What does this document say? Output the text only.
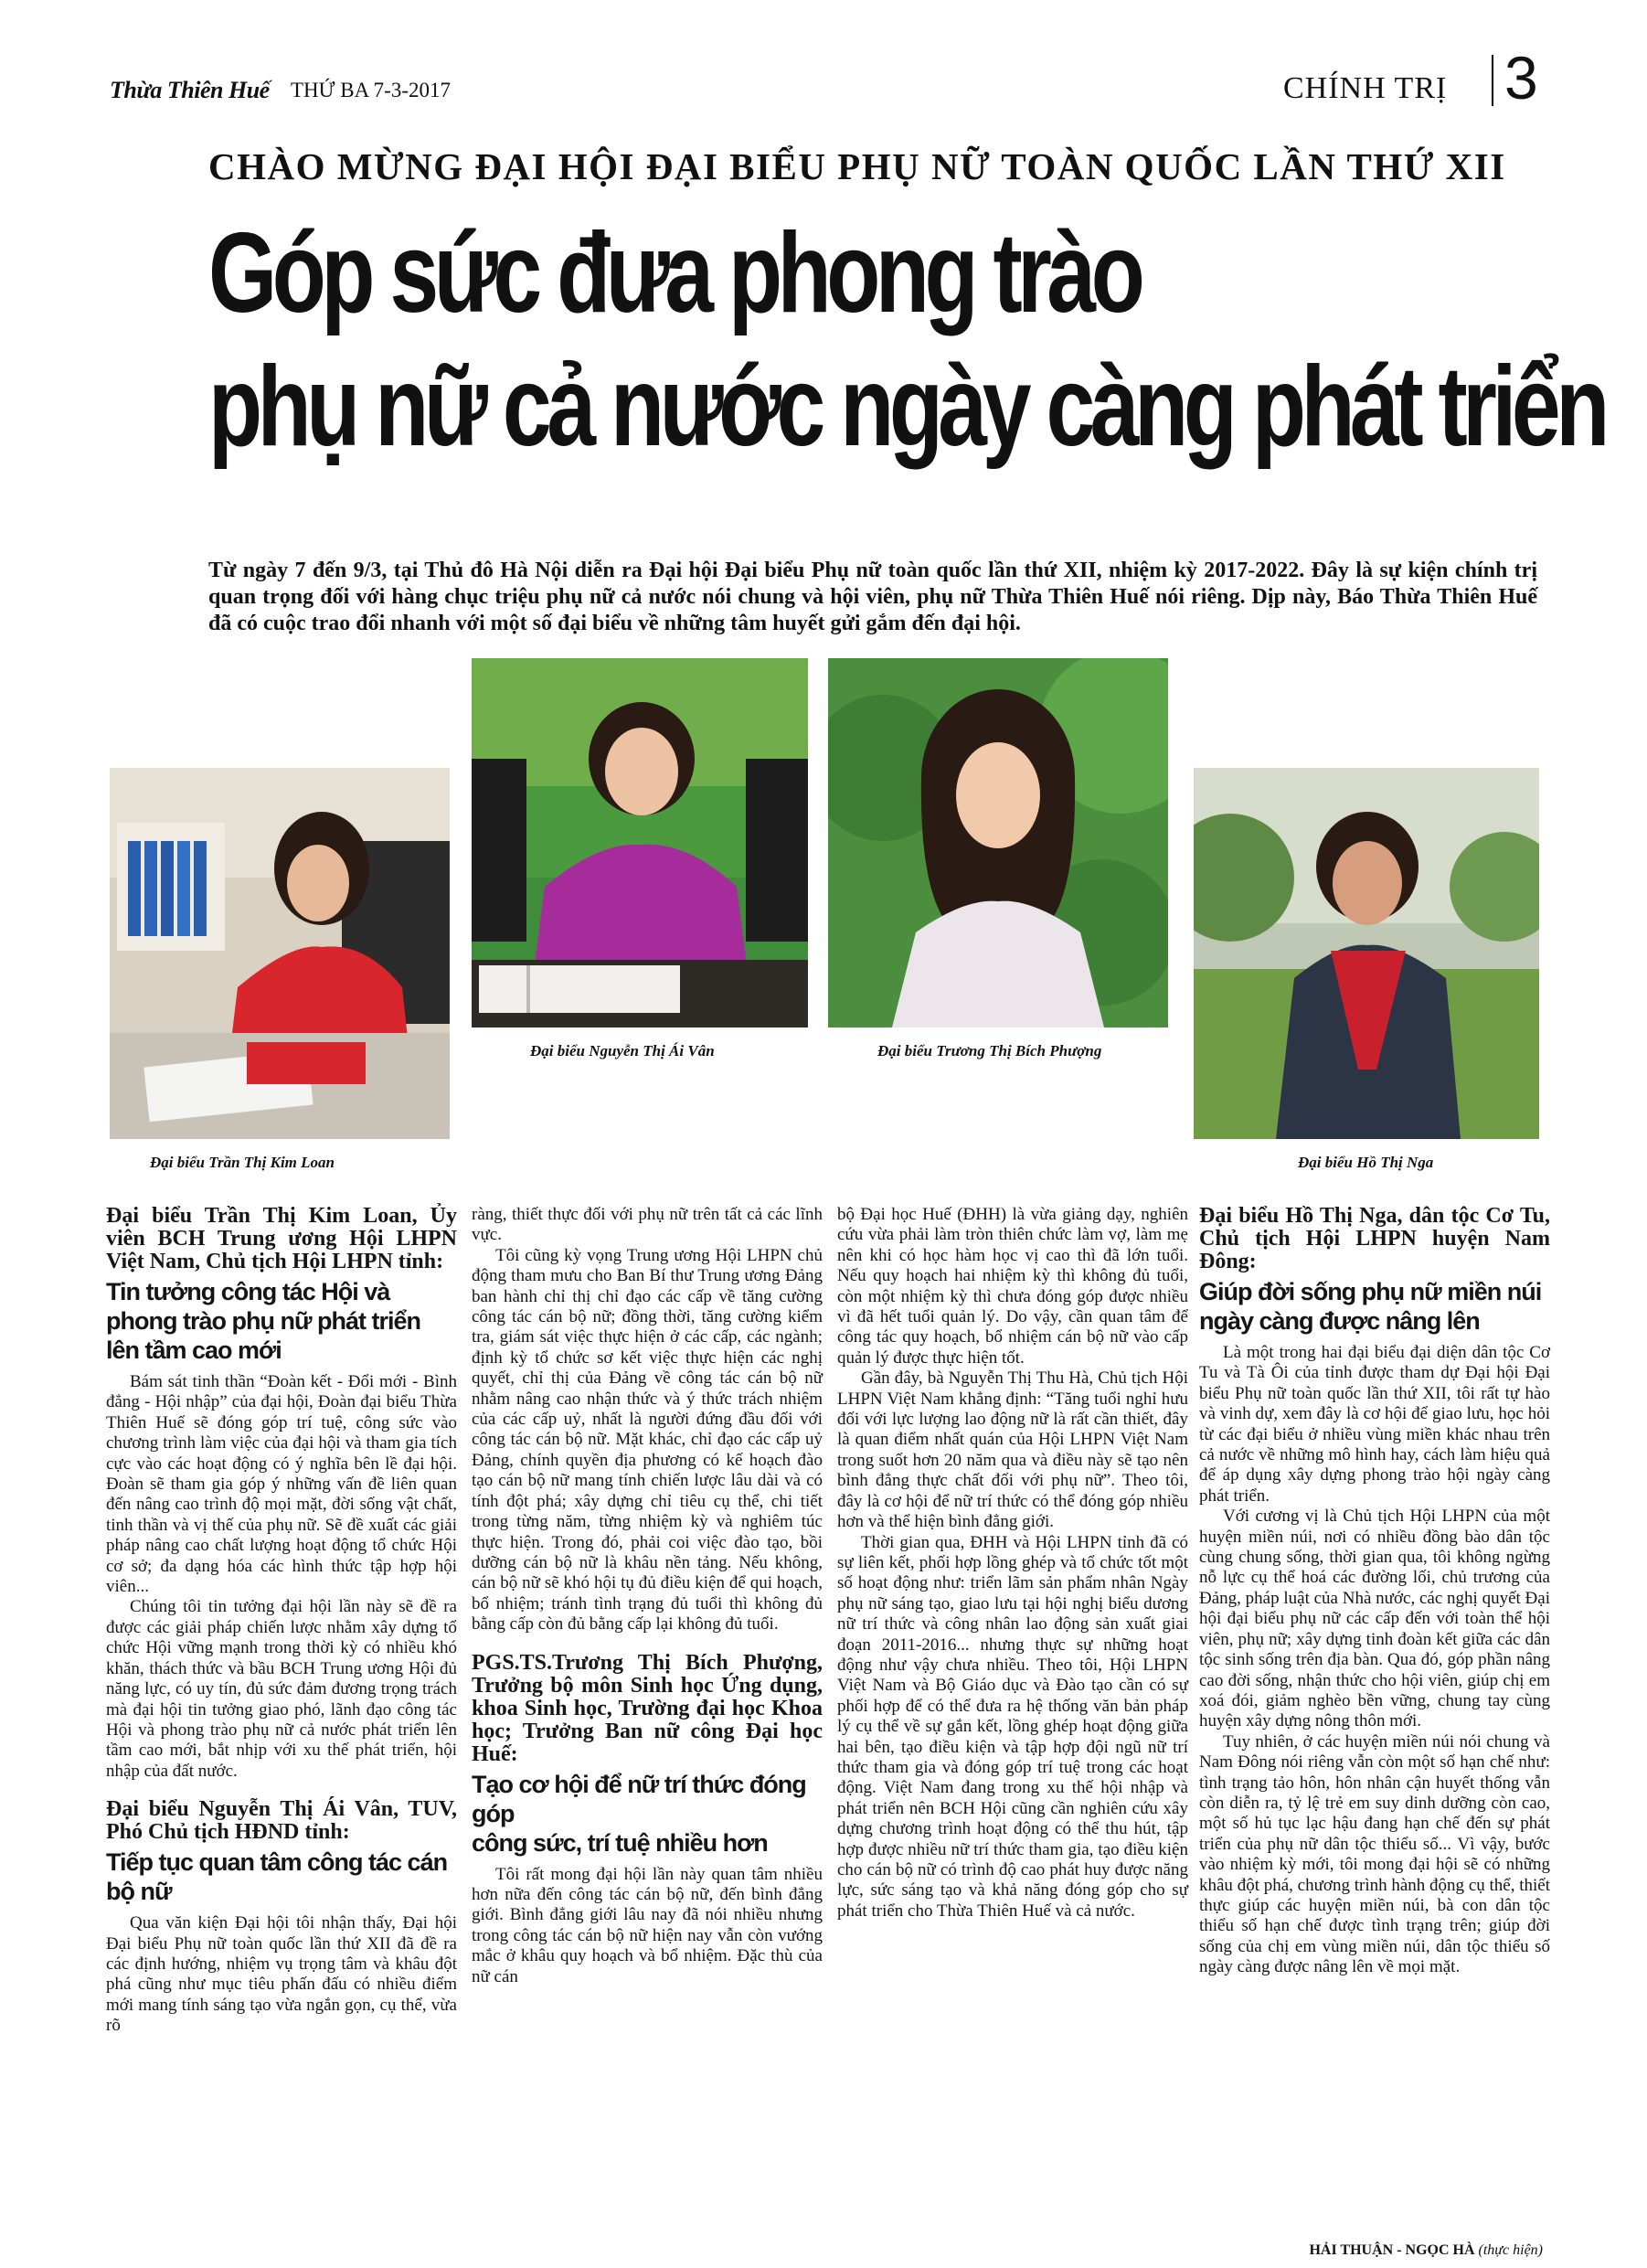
Thừa Thiên Huế THỨ BA 7-3-2017	CHÍNH TRỊ 3
CHÀO MỪNG ĐẠI HỘI ĐẠI BIỂU PHỤ NỮ TOÀN QUỐC LẦN THỨ XII
Góp sức đưa phong trào
phụ nữ cả nước ngày càng phát triển
Từ ngày 7 đến 9/3, tại Thủ đô Hà Nội diễn ra Đại hội Đại biểu Phụ nữ toàn quốc lần thứ XII, nhiệm kỳ 2017-2022. Đây là sự kiện chính trị quan trọng đối với hàng chục triệu phụ nữ cả nước nói chung và hội viên, phụ nữ Thừa Thiên Huế nói riêng. Dịp này, Báo Thừa Thiên Huế đã có cuộc trao đổi nhanh với một số đại biểu về những tâm huyết gửi gắm đến đại hội.
Đại biểu Trần Thị Kim Loan
Đại biểu Nguyễn Thị Ái Vân	Đại biểu Trương Thị Bích Phượng
Đại biểu Hồ Thị Nga

Đại biểu Trần Thị Kim Loan, Ủy viên BCH Trung ương Hội LHPN Việt Nam, Chủ tịch Hội LHPN tỉnh:

Tin tưởng công tác Hội và phong trào phụ nữ phát triển lên tầm cao mới

Bám sát tinh thần “Đoàn kết - Đổi mới - Bình đẳng - Hội nhập” của đại hội, Đoàn đại biểu Thừa Thiên Huế sẽ đóng góp trí tuệ, công sức vào chương trình làm việc của đại hội và tham gia tích cực vào các hoạt động có ý nghĩa bên lề đại hội. Đoàn sẽ tham gia góp ý những vấn đề liên quan đến nâng cao trình độ mọi mặt, đời sống vật chất, tinh thần và vị thế của phụ nữ. Sẽ đề xuất các giải pháp nâng cao chất lượng hoạt động tổ chức Hội cơ sở; đa dạng hóa các hình thức tập hợp hội viên...

Chúng tôi tin tưởng đại hội lần này sẽ đề ra được các giải pháp chiến lược nhằm xây dựng tổ chức Hội vững mạnh trong thời kỳ có nhiều khó khăn, thách thức và bầu BCH Trung ương Hội đủ năng lực, có uy tín, đủ sức đảm đương trọng trách mà đại hội tin tưởng giao phó, lãnh đạo công tác Hội và phong trào phụ nữ cả nước phát triển lên tầm cao mới, bắt nhịp với xu thế phát triển, hội nhập của đất nước.

Đại biểu Nguyễn Thị Ái Vân, TUV, Phó Chủ tịch HĐND tỉnh:

Tiếp tục quan tâm công tác cán bộ nữ

Qua văn kiện Đại hội tôi nhận thấy, Đại hội Đại biểu Phụ nữ toàn quốc lần thứ XII đã đề ra các định hướng, nhiệm vụ trọng tâm và khâu đột phá cũng như mục tiêu phấn đấu có nhiều điểm mới mang tính sáng tạo vừa ngắn gọn, cụ thể, vừa rõ

ràng, thiết thực đối với phụ nữ trên tất cả các lĩnh vực.

Tôi cũng kỳ vọng Trung ương Hội LHPN chủ động tham mưu cho Ban Bí thư Trung ương Đảng ban hành chỉ thị chỉ đạo các cấp về tăng cường công tác cán bộ nữ; đồng thời, tăng cường kiểm tra, giám sát việc thực hiện ở các cấp, các ngành; định kỳ tổ chức sơ kết việc thực hiện các nghị quyết, chỉ thị của Đảng về công tác cán bộ nữ nhằm nâng cao nhận thức và ý thức trách nhiệm của các cấp uỷ, nhất là người đứng đầu đối với công tác cán bộ nữ. Mặt khác, chỉ đạo các cấp uỷ Đảng, chính quyền địa phương có kế hoạch đào tạo cán bộ nữ mang tính chiến lược lâu dài và có tính đột phá; xây dựng chỉ tiêu cụ thể, chi tiết trong từng năm, từng nhiệm kỳ và nghiêm túc thực hiện. Trong đó, phải coi việc đào tạo, bồi dưỡng cán bộ nữ là khâu nền tảng. Nếu không, cán bộ nữ sẽ khó hội tụ đủ điều kiện để qui hoạch, bổ nhiệm; tránh tình trạng đủ tuổi thì không đủ bằng cấp còn đủ bằng cấp lại không đủ tuổi.

PGS.TS.Trương Thị Bích Phượng, Trưởng bộ môn Sinh học Ứng dụng, khoa Sinh học, Trường đại học Khoa học; Trưởng Ban nữ công Đại học Huế:

Tạo cơ hội để nữ trí thức đóng góp
công sức, trí tuệ nhiều hơn

Tôi rất mong đại hội lần này quan tâm nhiều hơn nữa đến công tác cán bộ nữ, đến bình đẳng giới. Bình đẳng giới lâu nay đã nói nhiều nhưng trong công tác cán bộ nữ hiện nay vẫn còn vướng mắc ở khâu quy hoạch và bổ nhiệm. Đặc thù của nữ cán

bộ Đại học Huế (ĐHH) là vừa giảng dạy, nghiên cứu vừa phải làm tròn thiên chức làm vợ, làm mẹ nên khi có học hàm học vị cao thì đã lớn tuổi. Nếu quy hoạch hai nhiệm kỳ thì không đủ tuổi, còn một nhiệm kỳ thì chưa đóng góp được nhiều vì đã hết tuổi quản lý. Do vậy, cần quan tâm để công tác quy hoạch, bổ nhiệm cán bộ nữ vào cấp quản lý được thực hiện tốt.

Gần đây, bà Nguyễn Thị Thu Hà, Chủ tịch Hội LHPN Việt Nam khẳng định: “Tăng tuổi nghỉ hưu đối với lực lượng lao động nữ là rất cần thiết, đây là quan điểm nhất quán của Hội LHPN Việt Nam trong suốt hơn 20 năm qua và điều này sẽ tạo nên bình đẳng thực chất đối với phụ nữ”. Theo tôi, đây là cơ hội để nữ trí thức có thể đóng góp nhiều hơn và thể hiện bình đẳng giới.

Thời gian qua, ĐHH và Hội LHPN tỉnh đã có sự liên kết, phối hợp lồng ghép và tổ chức tốt một số hoạt động như: triển lãm sản phẩm nhân Ngày phụ nữ sáng tạo, giao lưu tại hội nghị biểu dương nữ trí thức và công nhân lao động sản xuất giai đoạn 2011-2016... nhưng thực sự những hoạt động như vậy chưa nhiều. Theo tôi, Hội LHPN Việt Nam và Bộ Giáo dục và Đào tạo cần có sự phối hợp để có thể đưa ra hệ thống văn bản pháp lý cụ thể về sự gắn kết, lồng ghép hoạt động giữa hai bên, tạo điều kiện và tập hợp đội ngũ nữ trí thức tham gia và đóng góp trí tuệ trong các hoạt động. Việt Nam đang trong xu thế hội nhập và phát triển nên BCH Hội cũng cần nghiên cứu xây dựng chương trình hoạt động có thể thu hút, tập hợp được nhiều nữ trí thức tham gia, tạo điều kiện cho cán bộ nữ có trình độ cao phát huy được năng lực, sức sáng tạo và khả năng đóng góp cho sự phát triển cho Thừa Thiên Huế và cả nước.

Đại biểu Hồ Thị Nga, dân tộc Cơ Tu, Chủ tịch Hội LHPN huyện Nam Đông:

Giúp đời sống phụ nữ miền núi ngày càng được nâng lên

Là một trong hai đại biểu đại diện dân tộc Cơ Tu và Tà Ôi của tỉnh được tham dự Đại hội Đại biểu Phụ nữ toàn quốc lần thứ XII, tôi rất tự hào và vinh dự, xem đây là cơ hội để giao lưu, học hỏi từ các đại biểu ở nhiều vùng miền khác nhau trên cả nước về những mô hình hay, cách làm hiệu quả để áp dụng xây dựng phong trào hội ngày càng phát triển.

Với cương vị là Chủ tịch Hội LHPN của một huyện miền núi, nơi có nhiều đồng bào dân tộc cùng chung sống, thời gian qua, tôi không ngừng nỗ lực cụ thể hoá các đường lối, chủ trương của Đảng, pháp luật của Nhà nước, các nghị quyết Đại hội đại biểu phụ nữ các cấp đến với toàn thể hội viên, phụ nữ; xây dựng tinh đoàn kết giữa các dân tộc sinh sống trên địa bàn. Qua đó, góp phần nâng cao đời sống, nhận thức cho hội viên, giúp chị em xoá đói, giảm nghèo bền vững, chung tay cùng huyện xây dựng nông thôn mới.

Tuy nhiên, ở các huyện miền núi nói chung và Nam Đông nói riêng vẫn còn một số hạn chế như: tình trạng tảo hôn, hôn nhân cận huyết thống vẫn còn diễn ra, tỷ lệ trẻ em suy dinh dưỡng còn cao, một số hủ tục lạc hậu đang hạn chế đến sự phát triển của phụ nữ dân tộc thiểu số... Vì vậy, bước vào nhiệm kỳ mới, tôi mong đại hội sẽ có những khâu đột phá, chương trình hành động cụ thể, thiết thực giúp các huyện miền núi, bà con dân tộc thiểu số hạn chế được tình trạng trên; giúp đời sống của chị em vùng miền núi, dân tộc thiểu số ngày càng được nâng lên về mọi mặt.

HẢI THUẬN - NGỌC HÀ (thực hiện)
